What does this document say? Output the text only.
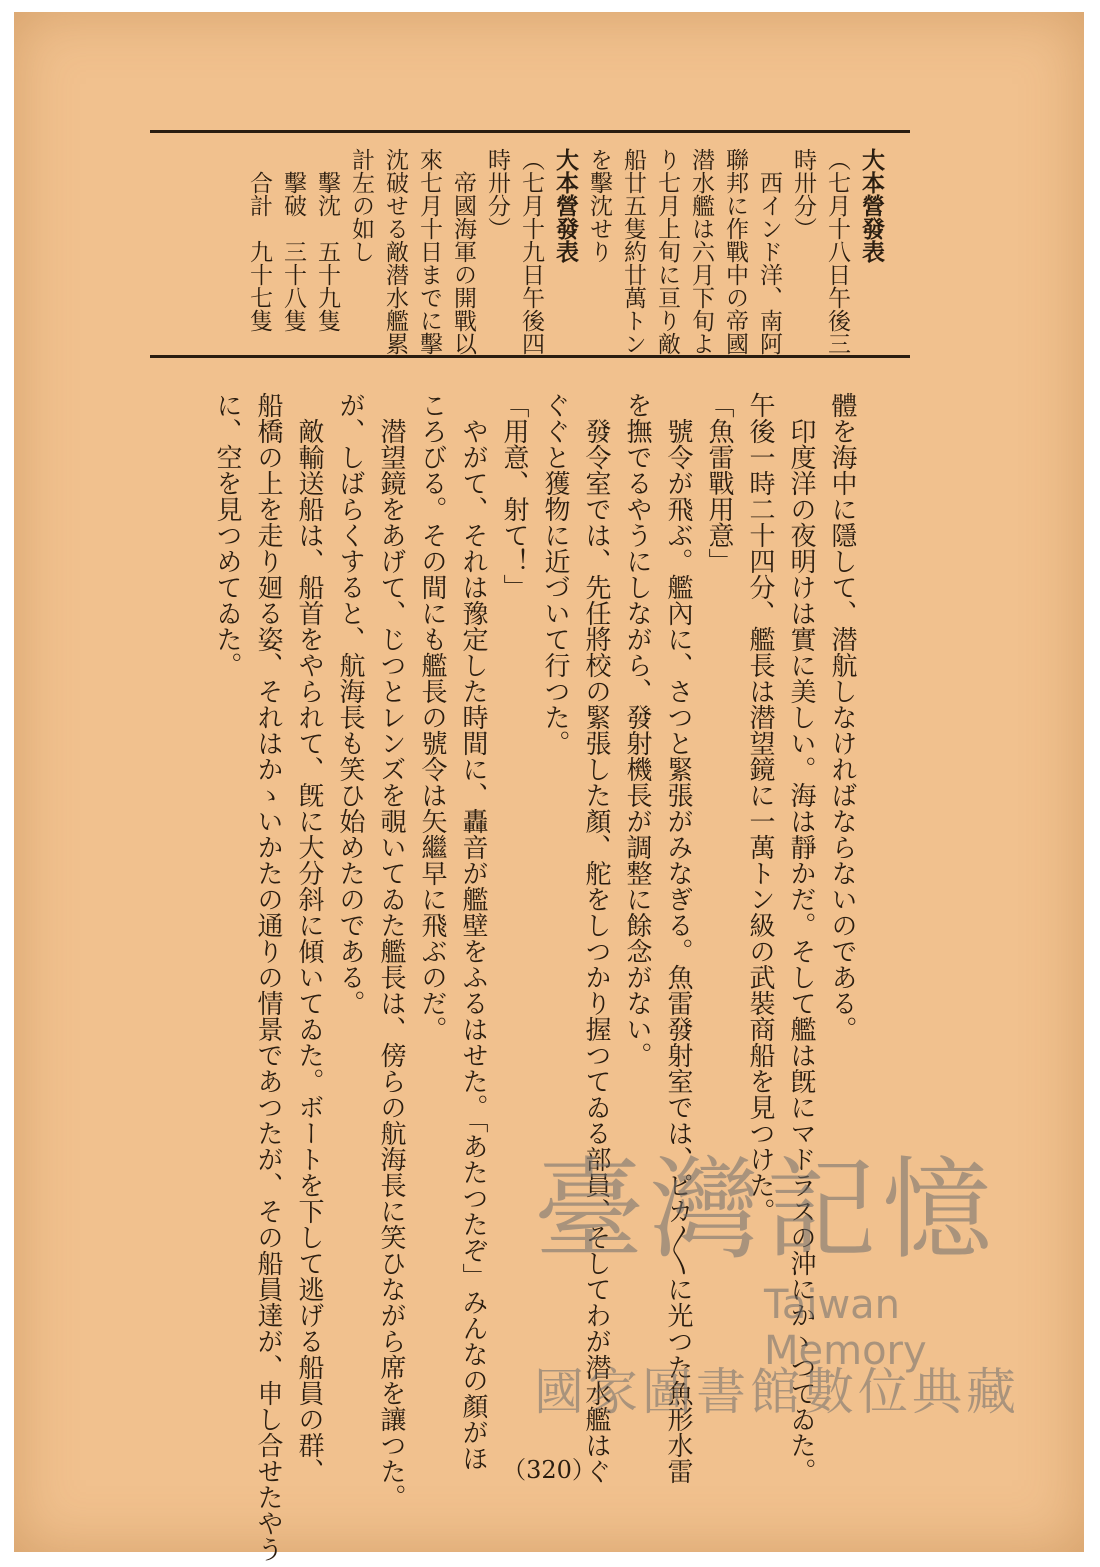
大本營發表
（七月十八日午後三
時卅分）
　西インド洋、南阿
聯邦に作戰中の帝國
潜水艦は六月下旬よ
り七月上旬に亘り敵
船廿五隻約廿萬トン
を擊沈せり
大本營發表
（七月十九日午後四
時卅分）
　帝國海軍の開戰以
來七月十日までに擊
沈破せる敵潜水艦累
計左の如し
　擊沈　五十九隻
　擊破　三十八隻
　合計　九十七隻
體を海中に隱して、潜航しなければならないのである。
　印度洋の夜明けは實に美しい。海は靜かだ。そして艦は旣にマドラスの沖にかゝつてゐた。
午後一時二十四分、艦長は潜望鏡に一萬トン級の武裝商船を見つけた。
「魚雷戰用意」
　號令が飛ぶ。艦內に、さつと緊張がみなぎる。魚雷發射室では、ピカ〳〵に光つた魚形水雷
を撫でるやうにしながら、發射機長が調整に餘念がない。
　發令室では、先任將校の緊張した顏、舵をしつかり握つてゐる部員、そしてわが潜水艦はぐ
ぐぐと獲物に近づいて行つた。
「用意、射て！」
　やがて、それは豫定した時間に、轟音が艦壁をふるはせた。「あたつたぞ」みんなの顏がほ
ころびる。その間にも艦長の號令は矢繼早に飛ぶのだ。
　潜望鏡をあげて、じつとレンズを覗いてゐた艦長は、傍らの航海長に笑ひながら席を讓つた。
が、しばらくすると、航海長も笑ひ始めたのである。
　敵輸送船は、船首をやられて、旣に大分斜に傾いてゐた。ボートを下して逃げる船員の群、
船橋の上を走り廻る姿、それはかゝいかたの通りの情景であつたが、その船員達が、申し合せたやう
に、空を見つめてゐた。
（320）
臺灣記憶
Taiwan Memory
國家圖書館數位典藏
